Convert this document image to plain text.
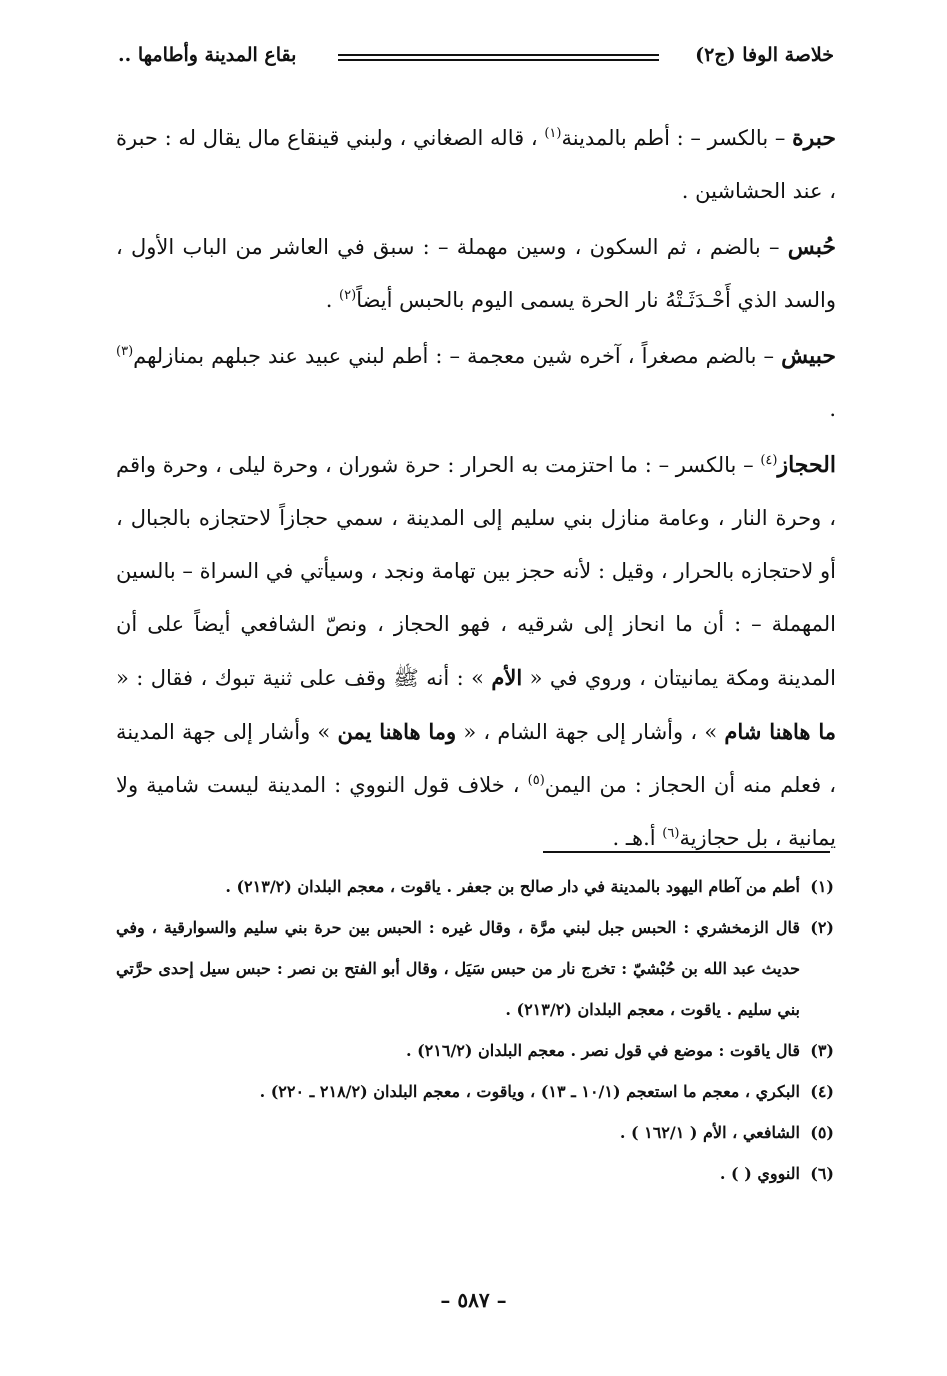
خلاصة الوفا (ج٢)
بقاع المدينة وأطامها ..

حبرة – بالكسر – : أطم بالمدينة$^{(١)}$ ، قاله الصغاني ، ولبني قينقاع مال يقال له : حبرة ، عند الحشاشين .

حُبس – بالضم ، ثم السكون ، وسين مهملة – : سبق في العاشر من الباب الأول ، والسد الذي أَحْـدَثَـتْهُ نار الحرة يسمى اليوم بالحبس أيضاً$^{(٢)}$ .

حبيش – بالضم مصغراً ، آخره شين معجمة – : أطم لبني عبيد عند جبلهم بمنازلهم$^{(٣)}$ .

الحجاز$^{(٤)}$ – بالكسر – : ما احتزمت به الحرار : حرة شوران ، وحرة ليلى ، وحرة واقم ، وحرة النار ، وعامة منازل بني سليم إلى المدينة ، سمي حجازاً لاحتجازه بالجبال ، أو لاحتجازه بالحرار ، وقيل : لأنه حجز بين تهامة ونجد ، وسيأتي في السراة – بالسين المهملة – : أن ما انحاز إلى شرقيه ، فهو الحجاز ، ونصّ الشافعي أيضاً على أن المدينة ومكة يمانيتان ، وروي في « الأم » : أنه ﷺ وقف على ثنية تبوك ، فقال : « ما هاهنا شام » ، وأشار إلى جهة الشام ، « وما هاهنا يمن » وأشار إلى جهة المدينة ، فعلم منه أن الحجاز : من اليمن$^{(٥)}$ ، خلاف قول النووي : المدينة ليست شامية ولا يمانية ، بل حجازية$^{(٦)}$ أ.هـ .

(١)
أطم من آطام اليهود بالمدينة في دار صالح بن جعفر . ياقوت ، معجم البلدان (٢١٣/٢) .
(٢)
قال الزمخشري : الحبس جبل لبني مرَّة ، وقال غيره : الحبس بين حرة بني سليم والسوارقية ، وفي حديث عبد الله بن حُبْشيّ : تخرج نار من حبس سَيَل ، وقال أبو الفتح بن نصر : حبس سيل إحدى حرَّتي بني سليم . ياقوت ، معجم البلدان (٢١٣/٢) .
(٣)
قال ياقوت : موضع في قول نصر . معجم البلدان (٢١٦/٢) .
(٤)
البكري ، معجم ما استعجم (١٠/١ ـ ١٣) ، وياقوت ، معجم البلدان (٢١٨/٢ ـ ٢٢٠) .
(٥)
الشافعي ، الأم ( ١٦٢/١ ) .
(٦)
النووي ( ) .
– ٥٨٧ –
